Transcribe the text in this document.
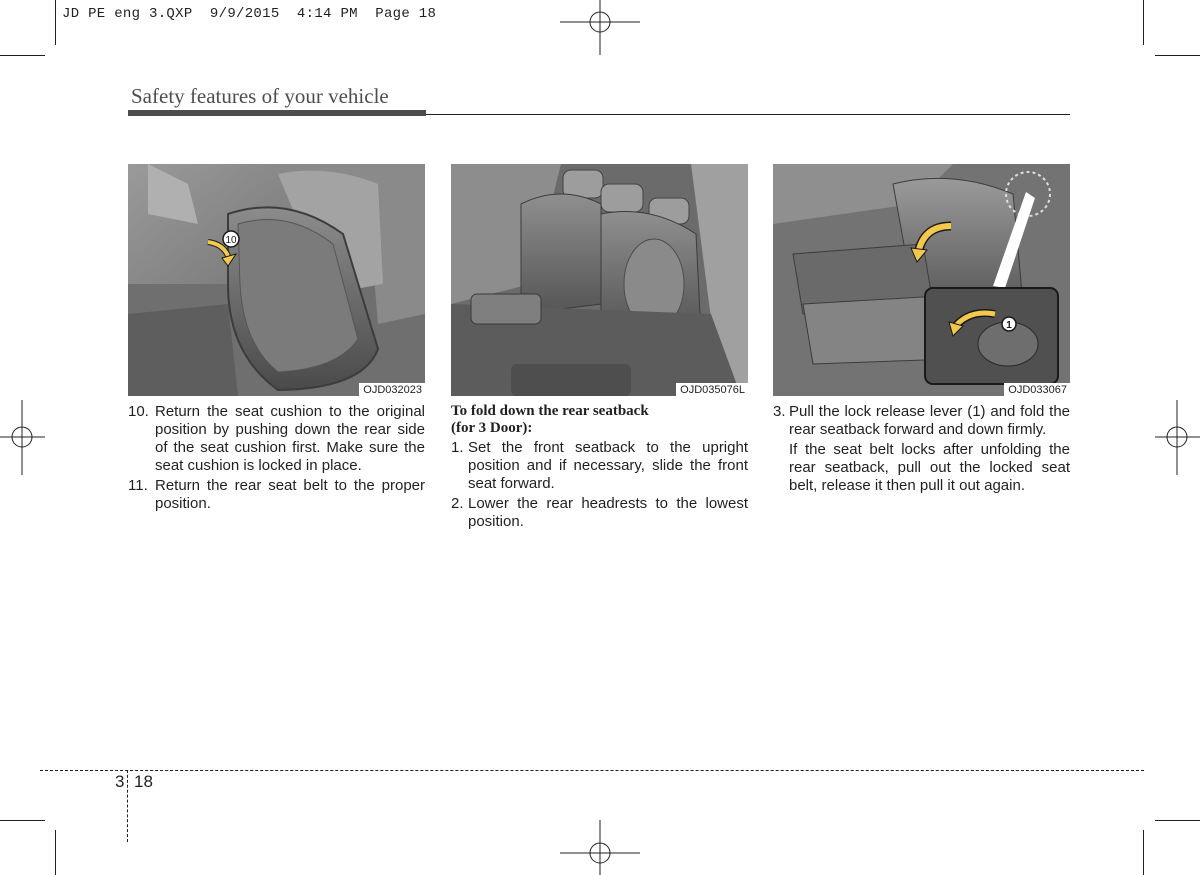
JD PE eng 3.QXP  9/9/2015  4:14 PM  Page 18
Safety features of your vehicle
10
OJD032023	OJD035076L
1
OJD033067
10. Return the seat cushion to the original position by pushing down the rear side of the seat cushion first. Make sure the seat cushion is locked in place.
11. Return the rear seat belt to the proper position.
To fold down the rear seatback
(for 3 Door):
1. Set the front seatback to the upright position and if necessary, slide the front seat forward.
2. Lower the rear headrests to the lowest position.
3. Pull the lock release lever (1) and fold the rear seatback forward and down firmly.
If the seat belt locks after unfolding the rear seatback, pull out the locked seat belt, release it then pull it out again.
3 18
